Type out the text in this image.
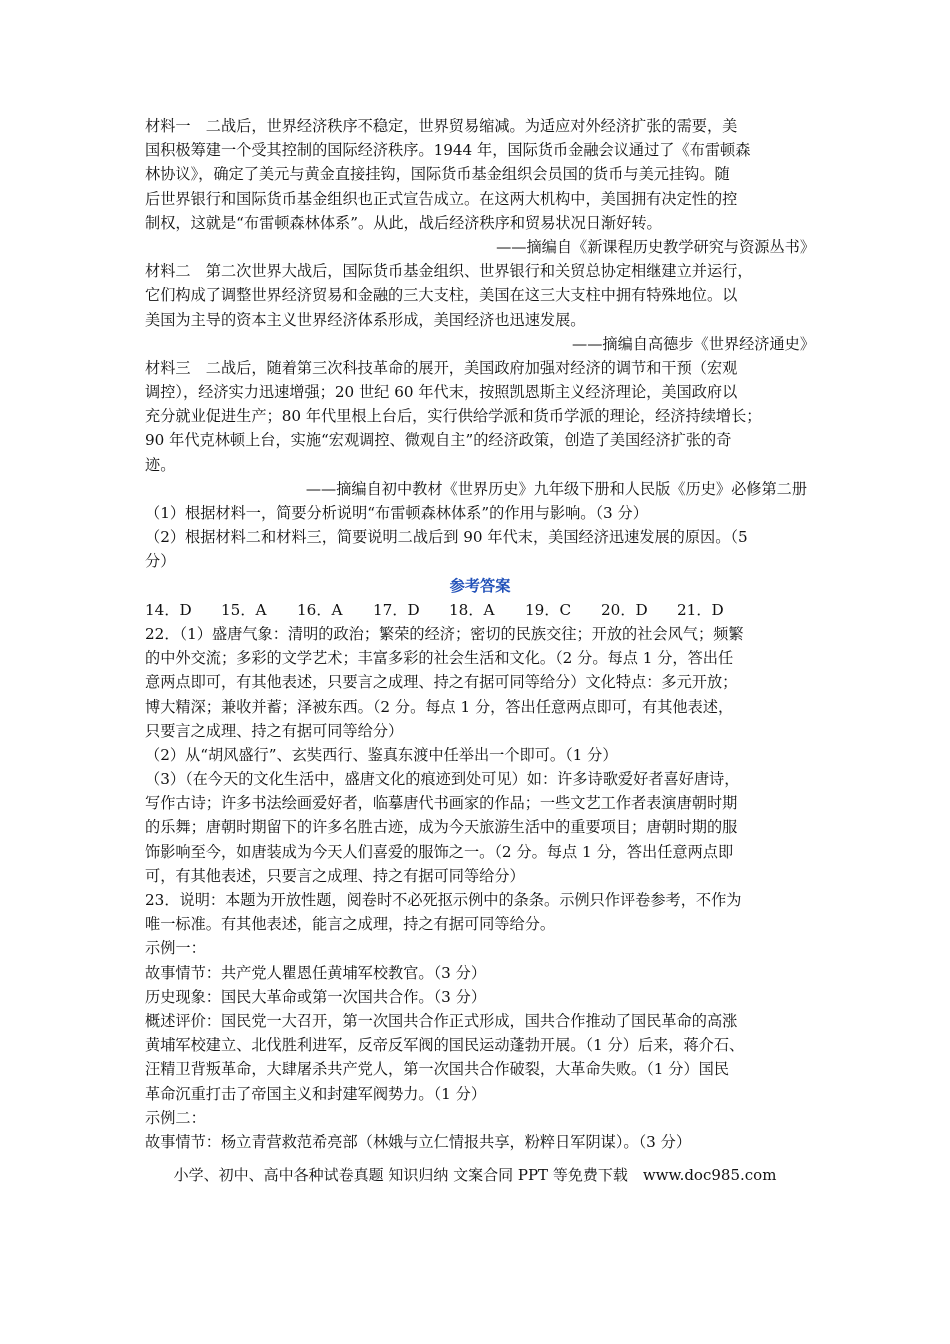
材料一　二战后，世界经济秩序不稳定，世界贸易缩减。为适应对外经济扩张的需要，美
国积极筹建一个受其控制的国际经济秩序。1944 年，国际货币金融会议通过了《布雷顿森
林协议》，确定了美元与黄金直接挂钩，国际货币基金组织会员国的货币与美元挂钩。随
后世界银行和国际货币基金组织也正式宣告成立。在这两大机构中，美国拥有决定性的控
制权，这就是“布雷顿森林体系”。从此，战后经济秩序和贸易状况日渐好转。
——摘编自《新课程历史教学研究与资源丛书》
材料二　第二次世界大战后，国际货币基金组织、世界银行和关贸总协定相继建立并运行，
它们构成了调整世界经济贸易和金融的三大支柱，美国在这三大支柱中拥有特殊地位。以
美国为主导的资本主义世界经济体系形成，美国经济也迅速发展。
——摘编自高德步《世界经济通史》
材料三　二战后，随着第三次科技革命的展开，美国政府加强对经济的调节和干预（宏观
调控），经济实力迅速增强；20 世纪 60 年代末，按照凯恩斯主义经济理论，美国政府以
充分就业促进生产；80 年代里根上台后，实行供给学派和货币学派的理论，经济持续增长；
90 年代克林顿上台，实施“宏观调控、微观自主”的经济政策，创造了美国经济扩张的奇
迹。
——摘编自初中教材《世界历史》九年级下册和人民版《历史》必修第二册
（1）根据材料一，简要分析说明“布雷顿森林体系”的作用与影响。（3 分）
（2）根据材料二和材料三，简要说明二战后到 90 年代末，美国经济迅速发展的原因。（5
分）
参考答案
14．D	15．A	16．A	17．D	18．A	19．C	20．D	21．D
22．（1）盛唐气象：清明的政治；繁荣的经济；密切的民族交往；开放的社会风气；频繁
的中外交流；多彩的文学艺术；丰富多彩的社会生活和文化。（2 分。每点 1 分，答出任
意两点即可，有其他表述，只要言之成理、持之有据可同等给分）文化特点：多元开放；
博大精深；兼收并蓄；泽被东西。（2 分。每点 1 分，答出任意两点即可，有其他表述，
只要言之成理、持之有据可同等给分）
（2）从“胡风盛行”、玄奘西行、鉴真东渡中任举出一个即可。（1 分）
（3）（在今天的文化生活中，盛唐文化的痕迹到处可见）如：许多诗歌爱好者喜好唐诗，
写作古诗；许多书法绘画爱好者，临摹唐代书画家的作品；一些文艺工作者表演唐朝时期
的乐舞；唐朝时期留下的许多名胜古迹，成为今天旅游生活中的重要项目；唐朝时期的服
饰影响至今，如唐装成为今天人们喜爱的服饰之一。（2 分。每点 1 分，答出任意两点即
可，有其他表述，只要言之成理、持之有据可同等给分）
23．说明：本题为开放性题，阅卷时不必死抠示例中的条条。示例只作评卷参考，不作为
唯一标准。有其他表述，能言之成理，持之有据可同等给分。
示例一：
故事情节：共产党人瞿恩任黄埔军校教官。（3 分）
历史现象：国民大革命或第一次国共合作。（3 分）
概述评价：国民党一大召开，第一次国共合作正式形成，国共合作推动了国民革命的高涨
黄埔军校建立、北伐胜利进军，反帝反军阀的国民运动蓬勃开展。（1 分）后来，蒋介石、
汪精卫背叛革命，大肆屠杀共产党人，第一次国共合作破裂，大革命失败。（1 分）国民
革命沉重打击了帝国主义和封建军阀势力。（1 分）
示例二：
故事情节：杨立青营救范希亮部（林娥与立仁情报共享，粉粹日军阴谋）。（3 分）
小学、初中、高中各种试卷真题 知识归纳 文案合同 PPT 等免费下载　www.doc985.com
